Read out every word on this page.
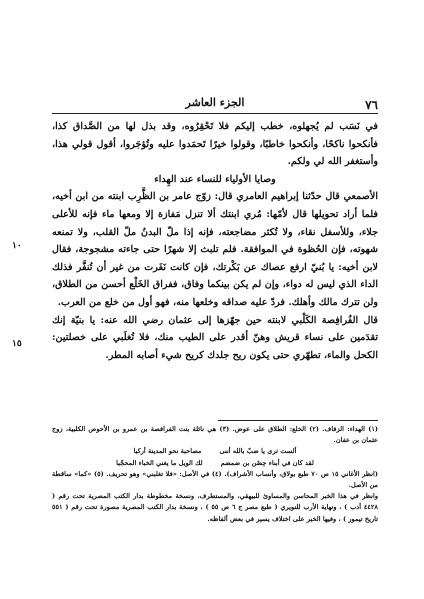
٧٦
الجزء العاشر

في نَسَب لم يُجهلوه، خطب إليكم فلا تَحْقِرُوه، وقد بذل لها من الصَّداق كذا، فأنكحوا ناكحًا، وأنكحوا خاطبًا، وقولوا خيرًا تَحمَدوا عليه وتُؤجَروا، أقول قولي هذا، وأستغفر الله لي ولكم.

وصايا الأولياء للنساء عند الهِداء

الأصمعي قال حدّثنا إبراهيم العامري قال: زوّج عامر بن الظَّرِب ابنته من ابن أخيه، فلما أراد تحويلها قال لأمّها: مُري ابنتك ألا تنزل مَفازة إلا ومعها ماء فإنه للأعلى جلاء، وللأسفل نقاء، ولا تُكثر مضاجعته، فإنه إذا ملّ البدنُ ملّ القلب، ولا تمنعه شهوته، فإن الحُظوة في الموافقة. فلم تلبث إلا شهرًا حتى جاءته مشجوجة، فقال لابن أخيه: يا بُنيّ ارفع عصاك عن بَكْرتك، فإن كانت نَفَرت من غير أن تُنفَّر فذلك الداء الذي ليس له دواء، وإن لم يكن بينكما وفاق، ففراق الخَلْع أحسن من الطلاق، ولن تترك مالك وأهلك. فردّ عليه صداقه وخلعها منه، فهو أول من خلع من العرب.

قال الفُرافِصة الكَلْبي لابنته حين جهّزها إلى عثمان رضي الله عنه: يا بنيّة إنك تقدَمين على نساء قريش وهنّ أقدر على الطيب منك، فلا تُغلَبي على خصلتين: الكحل والماء، تطهّري حتى يكون ريح جلدك كريح شيء أصابه المطر.

١٠
١٥

(١) الهداء: الزفاف. (٢) الخلع: الطلاق على عوض. (٣) هي نائلة بنت الفرافصة بن عمرو بن الأحوص الكلبية، زوج عثمان بن عفان.

ألست ترى يا ضبّ بالله أننى
مصاحبة نحو المدينة أركبا
لقد كان في أبناء حِصْن بن ضمضم
لك الويل ما يغني الخباء المحجّبا

(انظر الأغاني ١٥ ص ٧٠ طبع بولاق، وأنساب الأشراف). (٤) في الأصل: «فلا تغلبني» وهو تحريف. (٥) «كما» ساقطة من الأصل.

وانظر في هذا الخبر المحاسن والمساوئ للبيهقي، والمستطرف، ونسخة مخطوطة بدار الكتب المصرية تحت رقم ( ٤٤٢٨ أدب ) ، ونهاية الأرب للنويري ( طبع مصر ج ٦ ص ٥٥ ) ، ونسخة بدار الكتب المصرية مصورة تحت رقم ( ٥٥١ تاريخ تيمور ) ، وفيها الخبر على اختلاف يسير في بعض ألفاظه.
